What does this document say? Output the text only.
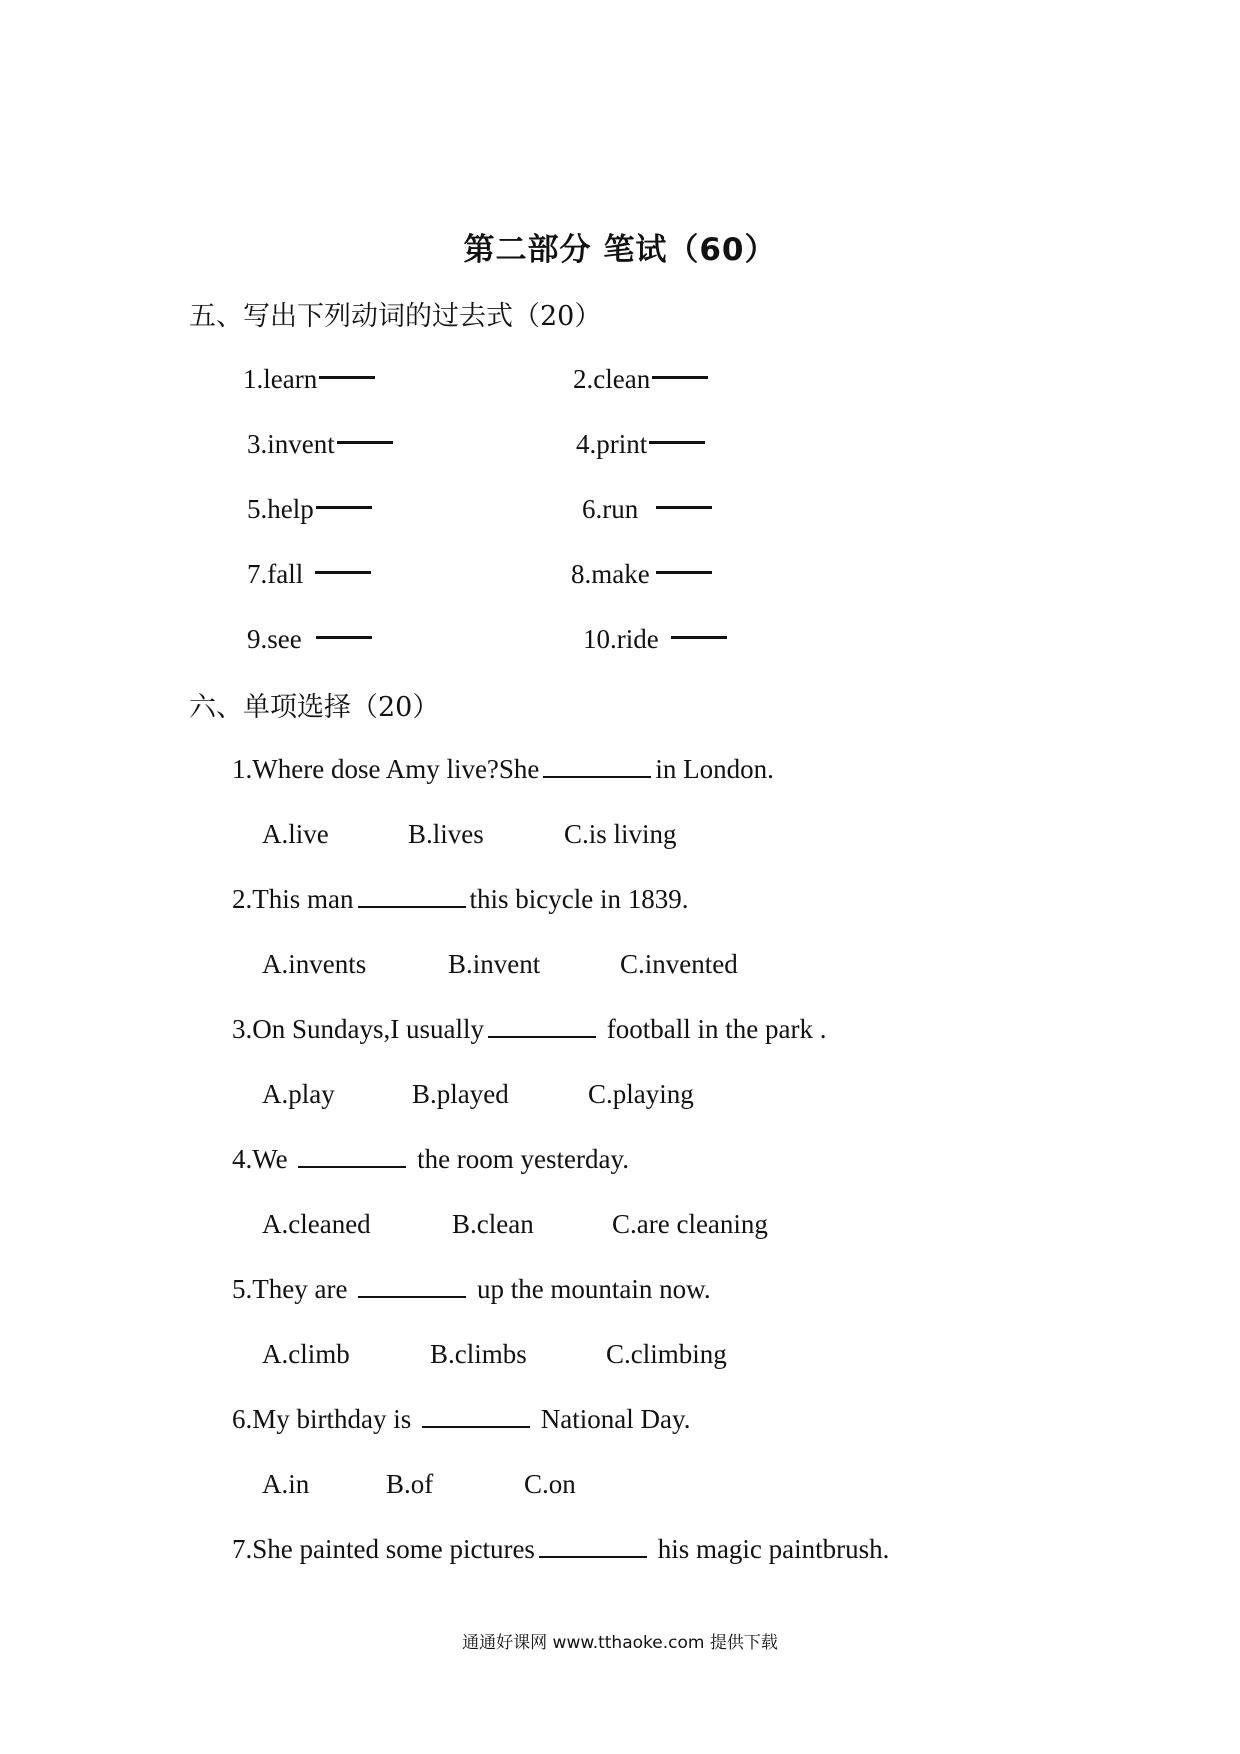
第二部分 笔试（60）
五、写出下列动词的过去式（20）
1.learn	2.clean
3.invent	4.print
5.help	6.run
7.fall	8.make
9.see	10.ride
六、单项选择（20）
1.Where dose Amy live?She	in London.
A.live	B.lives	C.is living
2.This man	this bicycle in 1839.
A.invents	B.invent	C.invented
3.On Sundays,I usually	football in the park .
A.play	B.played	C.playing
4.We	the room yesterday.
A.cleaned	B.clean	C.are cleaning
5.They are	up the mountain now.
A.climb	B.climbs	C.climbing
6.My birthday is	National Day.
A.in	B.of	C.on
7.She painted some pictures	his magic paintbrush.
通通好课网 www.tthaoke.com 提供下载
